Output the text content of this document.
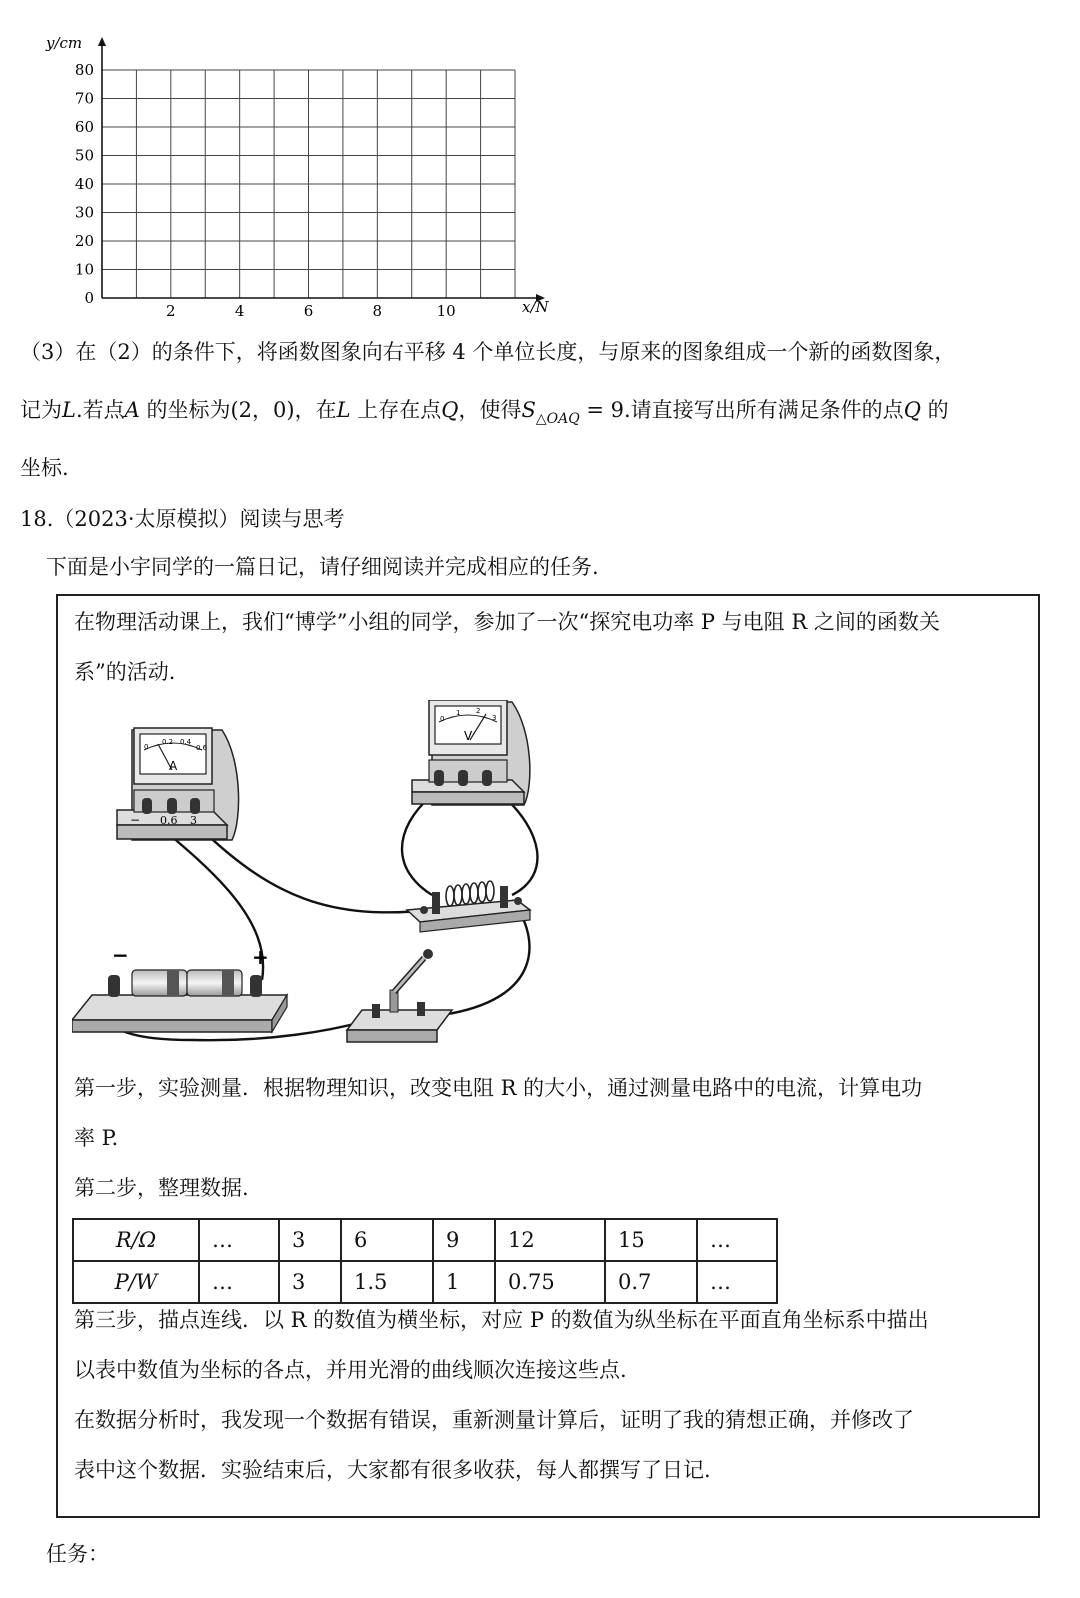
y/cm
x/N
80
70
60
50
40
30
20
10
0
2	4	6	8	10
（3）在（2）的条件下，将函数图象向右平移 4 个单位长度，与原来的图象组成一个新的函数图象，
记为L.若点A 的坐标为(2，0)，在L 上存在点Q，使得$S_{\triangle OAQ} = 9$.请直接写出所有满足条件的点Q 的
坐标.
18.（2023·太原模拟）阅读与思考
下面是小宇同学的一篇日记，请仔细阅读并完成相应的任务.
在物理活动课上，我们“博学”小组的同学，参加了一次“探究电功率 P 与电阻 R 之间的函数关
系”的活动.
A
0
0.2 0.4
0.6
− 0.6 3
V
0
1 2
3
−	+
第一步，实验测量．根据物理知识，改变电阻 R 的大小，通过测量电路中的电流，计算电功
率 P.
第二步，整理数据.
R/Ω	…	3	6	9	12	15	…
P/W	…	3	1.5	1	0.75	0.7	…
第三步，描点连线．以 R 的数值为横坐标，对应 P 的数值为纵坐标在平面直角坐标系中描出
以表中数值为坐标的各点，并用光滑的曲线顺次连接这些点.
在数据分析时，我发现一个数据有错误，重新测量计算后，证明了我的猜想正确，并修改了
表中这个数据．实验结束后，大家都有很多收获，每人都撰写了日记.
任务：
